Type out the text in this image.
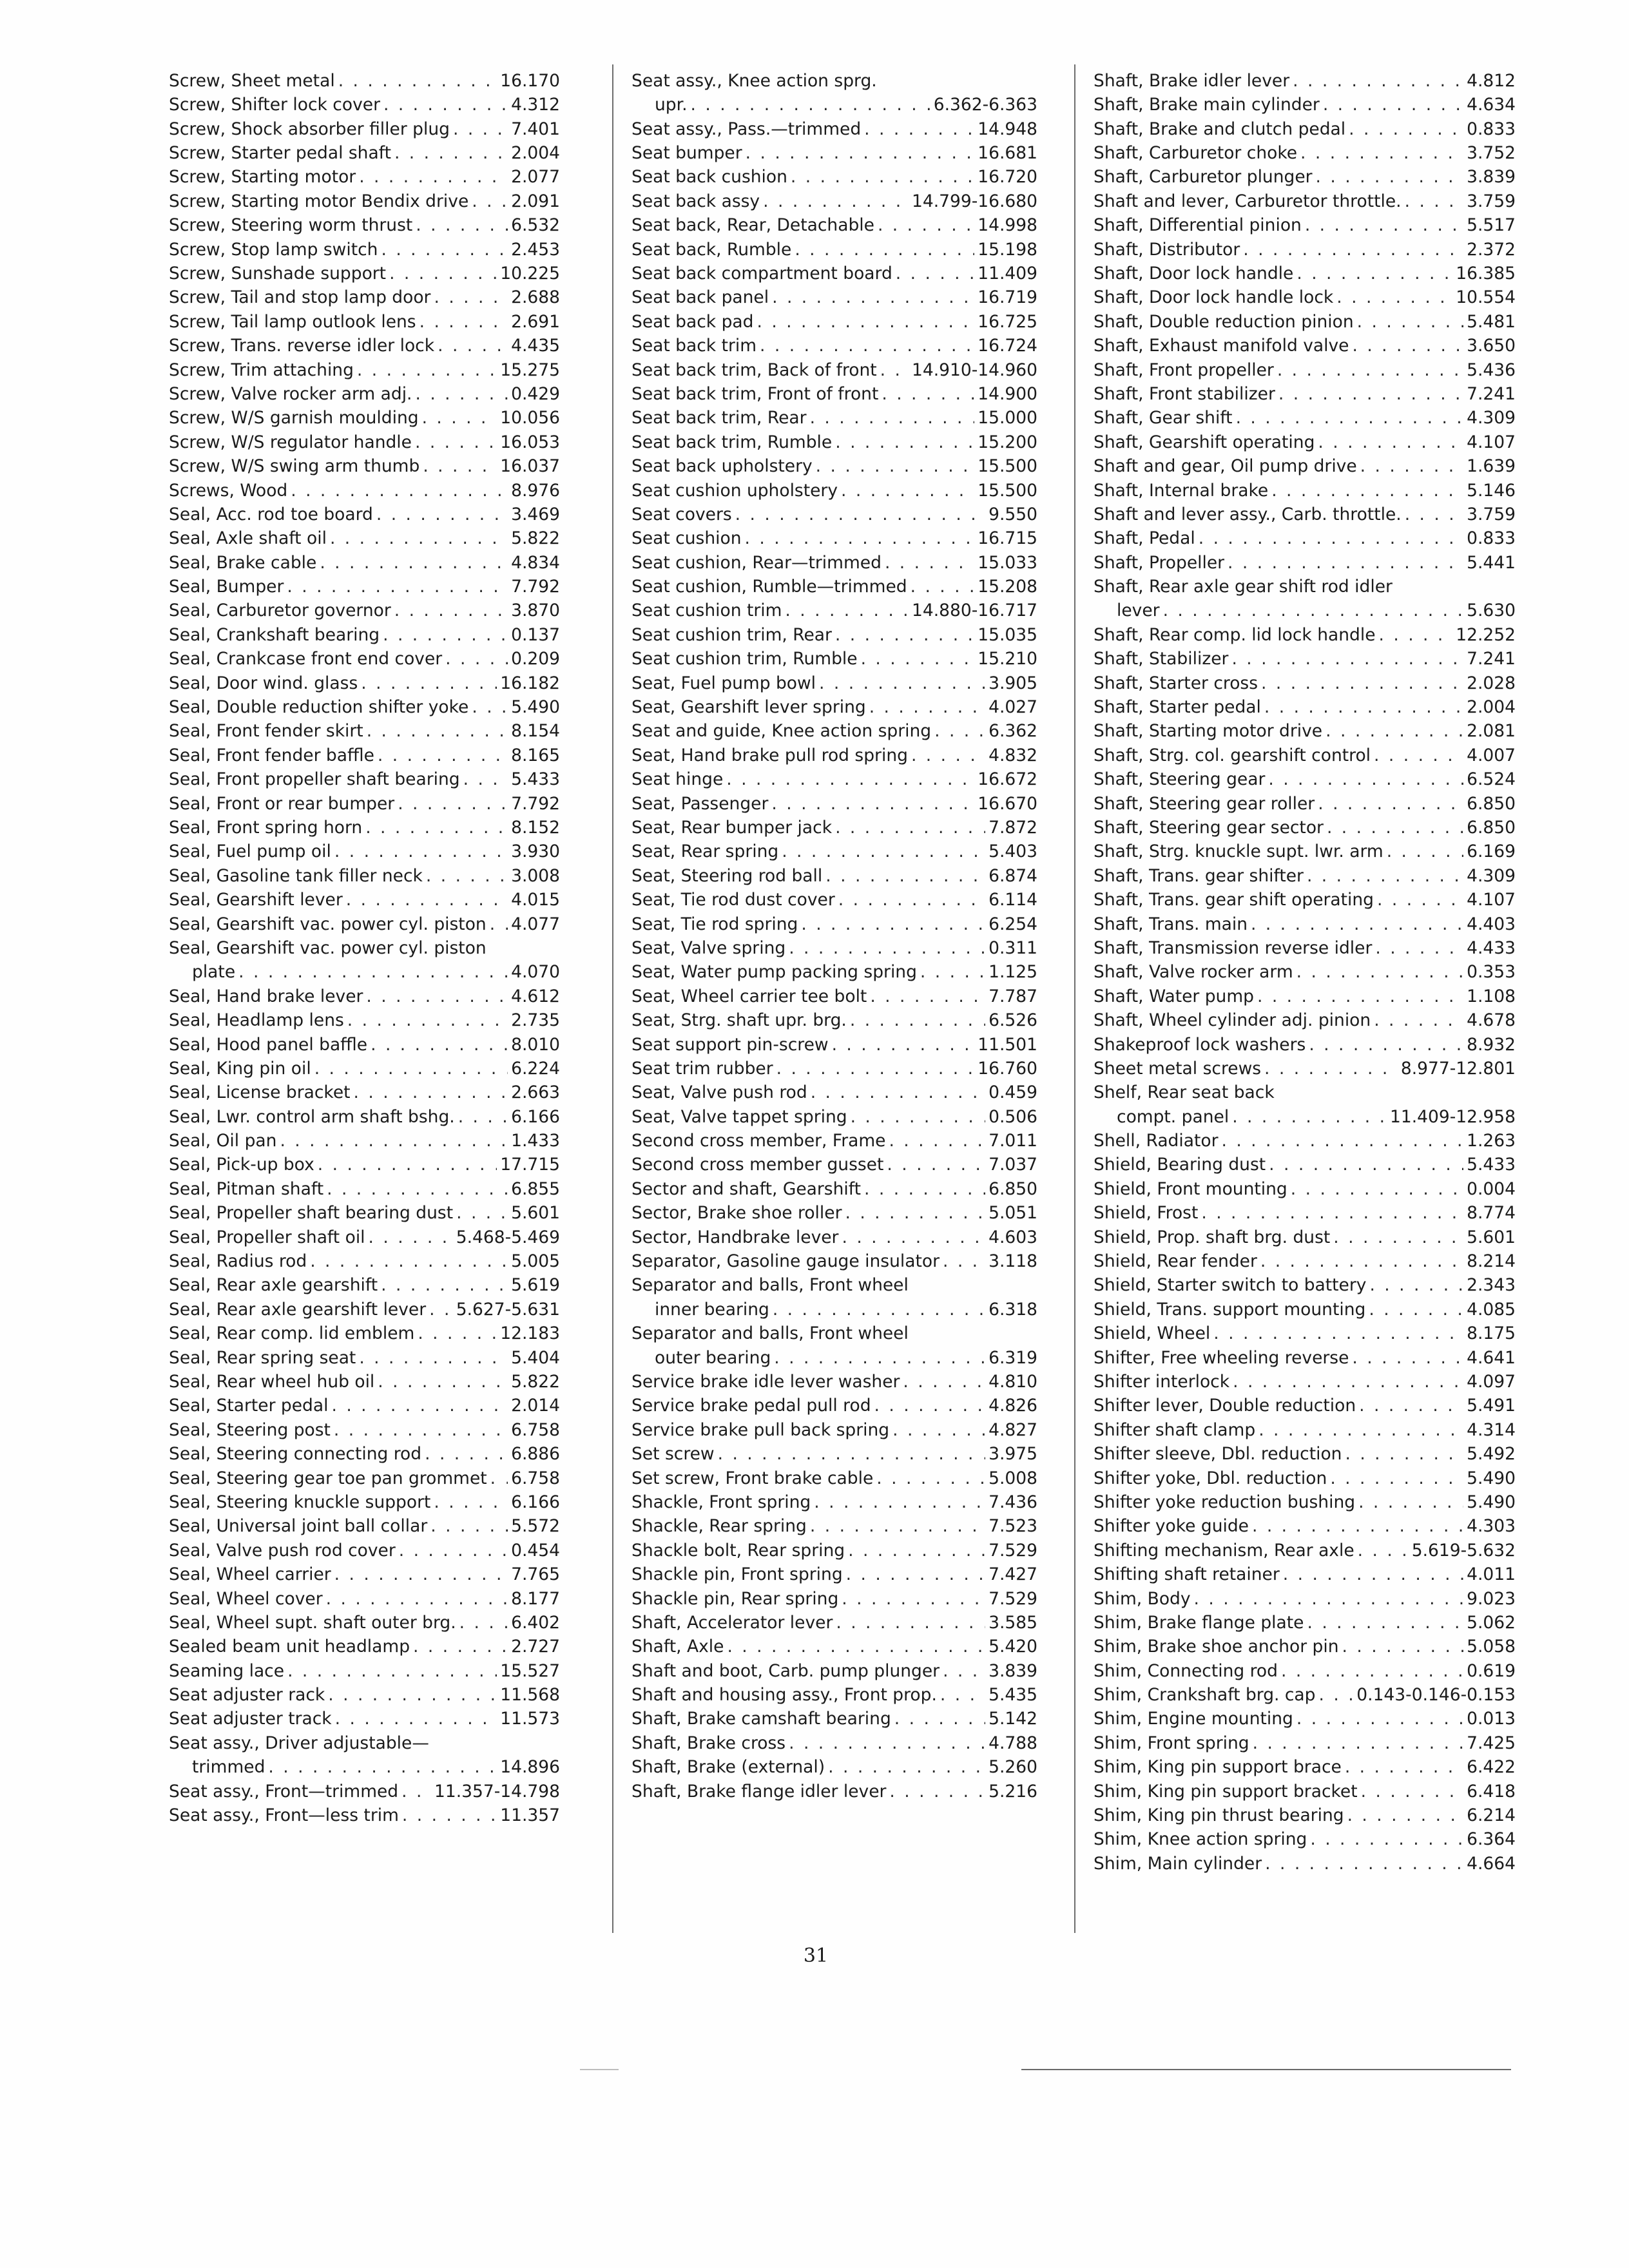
Screw, Sheet metal . . .	16.170
Screw, Shifter lock cover . . .	4.312
Screw, Shock absorber filler plug . . .	7.401
Screw, Starter pedal shaft . . .	2.004
Screw, Starting motor . . .	2.077
Screw, Starting motor Bendix drive . . . 2.091
Screw, Steering worm thrust . . .	6.532
Screw, Stop lamp switch . . .	2.453
Screw, Sunshade support . . .	10.225
Screw, Tail and stop lamp door . . .	2.688
Screw, Tail lamp outlook lens . . .	2.691
Screw, Trans. reverse idler lock . . .	4.435
Screw, Trim attaching . . .	15.275
Screw, Valve rocker arm adj. . . .	0.429
Screw, W/S garnish moulding . . .	10.056
Screw, W/S regulator handle . . .	16.053
Screw, W/S swing arm thumb . . .	16.037
Screws, Wood . . .	8.976
Seal, Acc. rod toe board . . .	3.469
Seal, Axle shaft oil . . .	5.822
Seal, Brake cable . . .	4.834
Seal, Bumper . . .	7.792
Seal, Carburetor governor . . .	3.870
Seal, Crankshaft bearing . . .	0.137
Seal, Crankcase front end cover . . .	0.209
Seal, Door wind. glass . . .	16.182
Seal, Double reduction shifter yoke . . . 5.490
Seal, Front fender skirt . . .	8.154
Seal, Front fender baffle . . .	8.165
Seal, Front propeller shaft bearing . . .	5.433
Seal, Front or rear bumper . . .	7.792
Seal, Front spring horn . . .	8.152
Seal, Fuel pump oil . . .	3.930
Seal, Gasoline tank filler neck . . .	3.008
Seal, Gearshift lever . . .	4.015
Seal, Gearshift vac. power cyl. piston . . . 4.077
Seal, Gearshift vac. power cyl. piston
plate . . .	4.070
Seal, Hand brake lever . . .	4.612
Seal, Headlamp lens . . .	2.735
Seal, Hood panel baffle . . .	8.010
Seal, King pin oil . . .	6.224
Seal, License bracket . . .	2.663
Seal, Lwr. control arm shaft bshg. . . .	6.166
Seal, Oil pan . . .	1.433
Seal, Pick-up box . . .	17.715
Seal, Pitman shaft . . .	6.855
Seal, Propeller shaft bearing dust . . .	5.601
Seal, Propeller shaft oil . . .	5.468-5.469
Seal, Radius rod . . .	5.005
Seal, Rear axle gearshift . . .	5.619
Seal, Rear axle gearshift lever . . . 5.627-5.631
Seal, Rear comp. lid emblem . . .	12.183
Seal, Rear spring seat . . .	5.404
Seal, Rear wheel hub oil . . .	5.822
Seal, Starter pedal . . .	2.014
Seal, Steering post . . .	6.758
Seal, Steering connecting rod . . .	6.886
Seal, Steering gear toe pan grommet . . . 6.758
Seal, Steering knuckle support . . .	6.166
Seal, Universal joint ball collar . . .	5.572
Seal, Valve push rod cover . . .	0.454
Seal, Wheel carrier . . .	7.765
Seal, Wheel cover . . .	8.177
Seal, Wheel supt. shaft outer brg. . . .	6.402
Sealed beam unit headlamp . . .	2.727
Seaming lace . . .	15.527
Seat adjuster rack . . .	11.568
Seat adjuster track . . .	11.573
Seat assy., Driver adjustable—
trimmed . . .	14.896
Seat assy., Front—trimmed . . . 11.357-14.798
Seat assy., Front—less trim . . .	11.357
Seat assy., Knee action sprg.
upr. . . .	6.362-6.363
Seat assy., Pass.—trimmed . . .	14.948
Seat bumper . . .	16.681
Seat back cushion . . .	16.720
Seat back assy . . .	14.799-16.680
Seat back, Rear, Detachable . . .	14.998
Seat back, Rumble . . .	15.198
Seat back compartment board . . .	11.409
Seat back panel . . .	16.719
Seat back pad . . .	16.725
Seat back trim . . .	16.724
Seat back trim, Back of front . . . 14.910-14.960
Seat back trim, Front of front . . .	14.900
Seat back trim, Rear . . .	15.000
Seat back trim, Rumble . . .	15.200
Seat back upholstery . . .	15.500
Seat cushion upholstery . . .	15.500
Seat covers . . .	9.550
Seat cushion . . .	16.715
Seat cushion, Rear—trimmed . . .	15.033
Seat cushion, Rumble—trimmed . . .	15.208
Seat cushion trim . . .	14.880-16.717
Seat cushion trim, Rear . . .	15.035
Seat cushion trim, Rumble . . .	15.210
Seat, Fuel pump bowl . . .	3.905
Seat, Gearshift lever spring . . .	4.027
Seat and guide, Knee action spring . . .	6.362
Seat, Hand brake pull rod spring . . .	4.832
Seat hinge . . .	16.672
Seat, Passenger . . .	16.670
Seat, Rear bumper jack . . .	7.872
Seat, Rear spring . . .	5.403
Seat, Steering rod ball . . .	6.874
Seat, Tie rod dust cover . . .	6.114
Seat, Tie rod spring . . .	6.254
Seat, Valve spring . . .	0.311
Seat, Water pump packing spring . . .	1.125
Seat, Wheel carrier tee bolt . . .	7.787
Seat, Strg. shaft upr. brg. . . .	6.526
Seat support pin-screw . . .	11.501
Seat trim rubber . . .	16.760
Seat, Valve push rod . . .	0.459
Seat, Valve tappet spring . . .	0.506
Second cross member, Frame . . .	7.011
Second cross member gusset . . .	7.037
Sector and shaft, Gearshift . . .	6.850
Sector, Brake shoe roller . . .	5.051
Sector, Handbrake lever . . .	4.603
Separator, Gasoline gauge insulator . . .	3.118
Separator and balls, Front wheel
inner bearing . . .	6.318
Separator and balls, Front wheel
outer bearing . . .	6.319
Service brake idle lever washer . . .	4.810
Service brake pedal pull rod . . .	4.826
Service brake pull back spring . . .	4.827
Set screw . . .	3.975
Set screw, Front brake cable . . .	5.008
Shackle, Front spring . . .	7.436
Shackle, Rear spring . . .	7.523
Shackle bolt, Rear spring . . .	7.529
Shackle pin, Front spring . . .	7.427
Shackle pin, Rear spring . . .	7.529
Shaft, Accelerator lever . . .	3.585
Shaft, Axle . . .	5.420
Shaft and boot, Carb. pump plunger . . .	3.839
Shaft and housing assy., Front prop. . . .	5.435
Shaft, Brake camshaft bearing . . .	5.142
Shaft, Brake cross . . .	4.788
Shaft, Brake (external) . . .	5.260
Shaft, Brake flange idler lever . . .	5.216
Shaft, Brake idler lever . . .	4.812
Shaft, Brake main cylinder . . .	4.634
Shaft, Brake and clutch pedal . . .	0.833
Shaft, Carburetor choke . . .	3.752
Shaft, Carburetor plunger . . .	3.839
Shaft and lever, Carburetor throttle. . . .	3.759
Shaft, Differential pinion . . .	5.517
Shaft, Distributor . . .	2.372
Shaft, Door lock handle . . .	16.385
Shaft, Door lock handle lock . . .	10.554
Shaft, Double reduction pinion . . .	5.481
Shaft, Exhaust manifold valve . . .	3.650
Shaft, Front propeller . . .	5.436
Shaft, Front stabilizer . . .	7.241
Shaft, Gear shift . . .	4.309
Shaft, Gearshift operating . . .	4.107
Shaft and gear, Oil pump drive . . .	1.639
Shaft, Internal brake . . .	5.146
Shaft and lever assy., Carb. throttle. . . .	3.759
Shaft, Pedal . . .	0.833
Shaft, Propeller . . .	5.441
Shaft, Rear axle gear shift rod idler
lever . . .	5.630
Shaft, Rear comp. lid lock handle . . .	12.252
Shaft, Stabilizer . . .	7.241
Shaft, Starter cross . . .	2.028
Shaft, Starter pedal . . .	2.004
Shaft, Starting motor drive . . .	2.081
Shaft, Strg. col. gearshift control . . .	4.007
Shaft, Steering gear . . .	6.524
Shaft, Steering gear roller . . .	6.850
Shaft, Steering gear sector . . .	6.850
Shaft, Strg. knuckle supt. lwr. arm . . .	6.169
Shaft, Trans. gear shifter . . .	4.309
Shaft, Trans. gear shift operating . . .	4.107
Shaft, Trans. main . . .	4.403
Shaft, Transmission reverse idler . . .	4.433
Shaft, Valve rocker arm . . .	0.353
Shaft, Water pump . . .	1.108
Shaft, Wheel cylinder adj. pinion . . .	4.678
Shakeproof lock washers . . .	8.932
Sheet metal screws . . .	8.977-12.801
Shelf, Rear seat back
compt. panel . . .	11.409-12.958
Shell, Radiator . . .	1.263
Shield, Bearing dust . . .	5.433
Shield, Front mounting . . .	0.004
Shield, Frost . . .	8.774
Shield, Prop. shaft brg. dust . . .	5.601
Shield, Rear fender . . .	8.214
Shield, Starter switch to battery . . .	2.343
Shield, Trans. support mounting . . .	4.085
Shield, Wheel . . .	8.175
Shifter, Free wheeling reverse . . .	4.641
Shifter interlock . . .	4.097
Shifter lever, Double reduction . . .	5.491
Shifter shaft clamp . . .	4.314
Shifter sleeve, Dbl. reduction . . .	5.492
Shifter yoke, Dbl. reduction . . .	5.490
Shifter yoke reduction bushing . . .	5.490
Shifter yoke guide . . .	4.303
Shifting mechanism, Rear axle . . .	5.619-5.632
Shifting shaft retainer . . .	4.011
Shim, Body . . .	9.023
Shim, Brake flange plate . . .	5.062
Shim, Brake shoe anchor pin . . .	5.058
Shim, Connecting rod . . .	0.619
Shim, Crankshaft brg. cap . . . 0.143-0.146-0.153
Shim, Engine mounting . . .	0.013
Shim, Front spring . . .	7.425
Shim, King pin support brace . . .	6.422
Shim, King pin support bracket . . .	6.418
Shim, King pin thrust bearing . . .	6.214
Shim, Knee action spring . . .	6.364
Shim, Main cylinder . . .	4.664
31
